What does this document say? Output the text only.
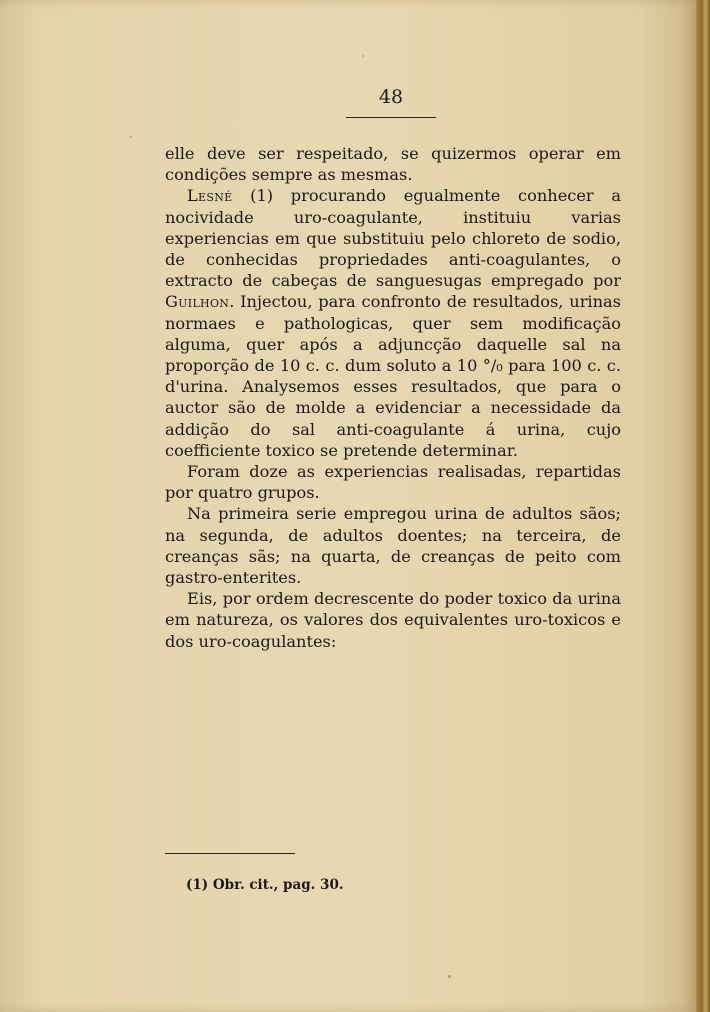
48

elle deve ser respeitado, se quizermos operar em condições sempre as mesmas.

Lesné (1) procurando egualmente conhecer a nocividade uro-coagulante, instituiu varias experiencias em que substituiu pelo chloreto de sodio, de conhecidas propriedades anti-coagulantes, o extracto de cabeças de sanguesugas empregado por Guilhon. Injectou, para confronto de resultados, urinas normaes e pathologicas, quer sem modificação alguma, quer após a adjuncção daquelle sal na proporção de 10 c. c. dum soluto a 10 °/₀ para 100 c. c. d'urina. Analysemos esses resultados, que para o auctor são de molde a evidenciar a necessidade da addição do sal anti-coagulante á urina, cujo coefficiente toxico se pretende determinar.

Foram doze as experiencias realisadas, repartidas por quatro grupos.

Na primeira serie empregou urina de adultos sãos; na segunda, de adultos doentes; na terceira, de creanças sãs; na quarta, de creanças de peito com gastro-enterites.

Eis, por ordem decrescente do poder toxico da urina em natureza, os valores dos equivalentes uro-toxicos e dos uro-coagulantes:

(1) Obr. cit., pag. 30.
